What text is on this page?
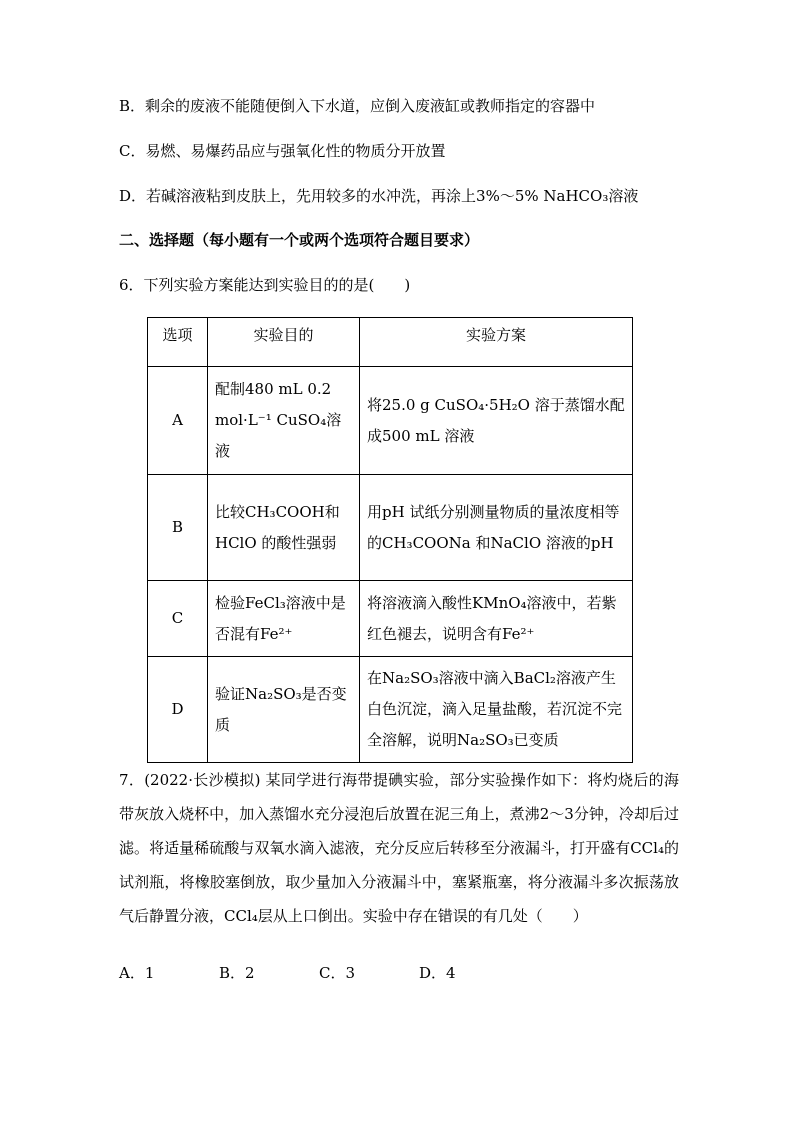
B．剩余的废液不能随便倒入下水道，应倒入废液缸或教师指定的容器中
C．易燃、易爆药品应与强氧化性的物质分开放置
D．若碱溶液粘到皮肤上，先用较多的水冲洗，再涂上3%～5% NaHCO₃溶液
二、选择题（每小题有一个或两个选项符合题目要求）
6．下列实验方案能达到实验目的的是(　　)
选项	实验目的	实验方案
A	配制480 mL 0.2 mol·L⁻¹ CuSO₄溶液	将25.0 g CuSO₄·5H₂O 溶于蒸馏水配成500 mL 溶液
B	比较CH₃COOH和HClO 的酸性强弱	用pH 试纸分别测量物质的量浓度相等的CH₃COONa 和NaClO 溶液的pH
C	检验FeCl₃溶液中是否混有Fe²⁺	将溶液滴入酸性KMnO₄溶液中，若紫红色褪去，说明含有Fe²⁺
D	验证Na₂SO₃是否变质	在Na₂SO₃溶液中滴入BaCl₂溶液产生白色沉淀，滴入足量盐酸，若沉淀不完全溶解，说明Na₂SO₃已变质
7．(2022·长沙模拟) 某同学进行海带提碘实验，部分实验操作如下：将灼烧后的海带灰放入烧杯中，加入蒸馏水充分浸泡后放置在泥三角上，煮沸2～3分钟，冷却后过滤。将适量稀硫酸与双氧水滴入滤液，充分反应后转移至分液漏斗，打开盛有CCl₄的试剂瓶，将橡胶塞倒放，取少量加入分液漏斗中，塞紧瓶塞，将分液漏斗多次振荡放气后静置分液，CCl₄层从上口倒出。实验中存在错误的有几处（　　）
A．1	B．2	C．3	D．4
